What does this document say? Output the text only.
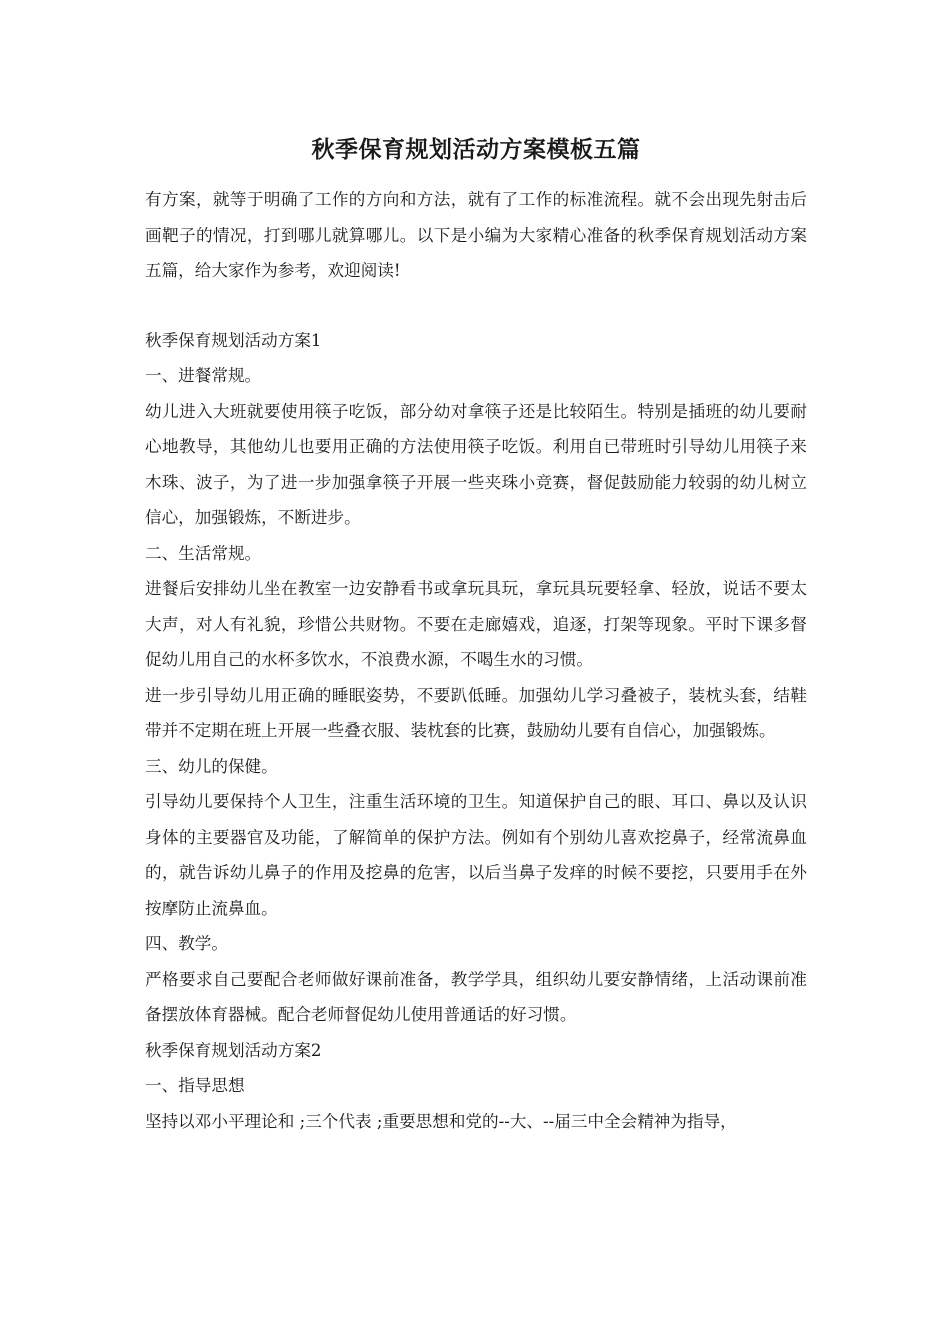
秋季保育规划活动方案模板五篇

有方案，就等于明确了工作的方向和方法，就有了工作的标准流程。就不会出现先射击后画靶子的情况，打到哪儿就算哪儿。以下是小编为大家精心准备的秋季保育规划活动方案五篇，给大家作为参考，欢迎阅读!

秋季保育规划活动方案1

一、进餐常规。

幼儿进入大班就要使用筷子吃饭，部分幼对拿筷子还是比较陌生。特别是插班的幼儿要耐心地教导，其他幼儿也要用正确的方法使用筷子吃饭。利用自已带班时引导幼儿用筷子来木珠、波子，为了进一步加强拿筷子开展一些夹珠小竞赛，督促鼓励能力较弱的幼儿树立信心，加强锻炼，不断进步。

二、生活常规。

进餐后安排幼儿坐在教室一边安静看书或拿玩具玩，拿玩具玩要轻拿、轻放，说话不要太大声，对人有礼貌，珍惜公共财物。不要在走廊嬉戏，追逐，打架等现象。平时下课多督促幼儿用自己的水杯多饮水，不浪费水源，不喝生水的习惯。

进一步引导幼儿用正确的睡眠姿势，不要趴低睡。加强幼儿学习叠被子，装枕头套，结鞋带并不定期在班上开展一些叠衣服、装枕套的比赛，鼓励幼儿要有自信心，加强锻炼。

三、幼儿的保健。

引导幼儿要保持个人卫生，注重生活环境的卫生。知道保护自己的眼、耳口、鼻以及认识身体的主要器官及功能，了解简单的保护方法。例如有个别幼儿喜欢挖鼻子，经常流鼻血的，就告诉幼儿鼻子的作用及挖鼻的危害，以后当鼻子发痒的时候不要挖，只要用手在外按摩防止流鼻血。

四、教学。

严格要求自己要配合老师做好课前准备，教学学具，组织幼儿要安静情绪，上活动课前准备摆放体育器械。配合老师督促幼儿使用普通话的好习惯。

秋季保育规划活动方案2

一、指导思想

坚持以邓小平理论和 ;三个代表 ;重要思想和党的--大、--届三中全会精神为指导，
